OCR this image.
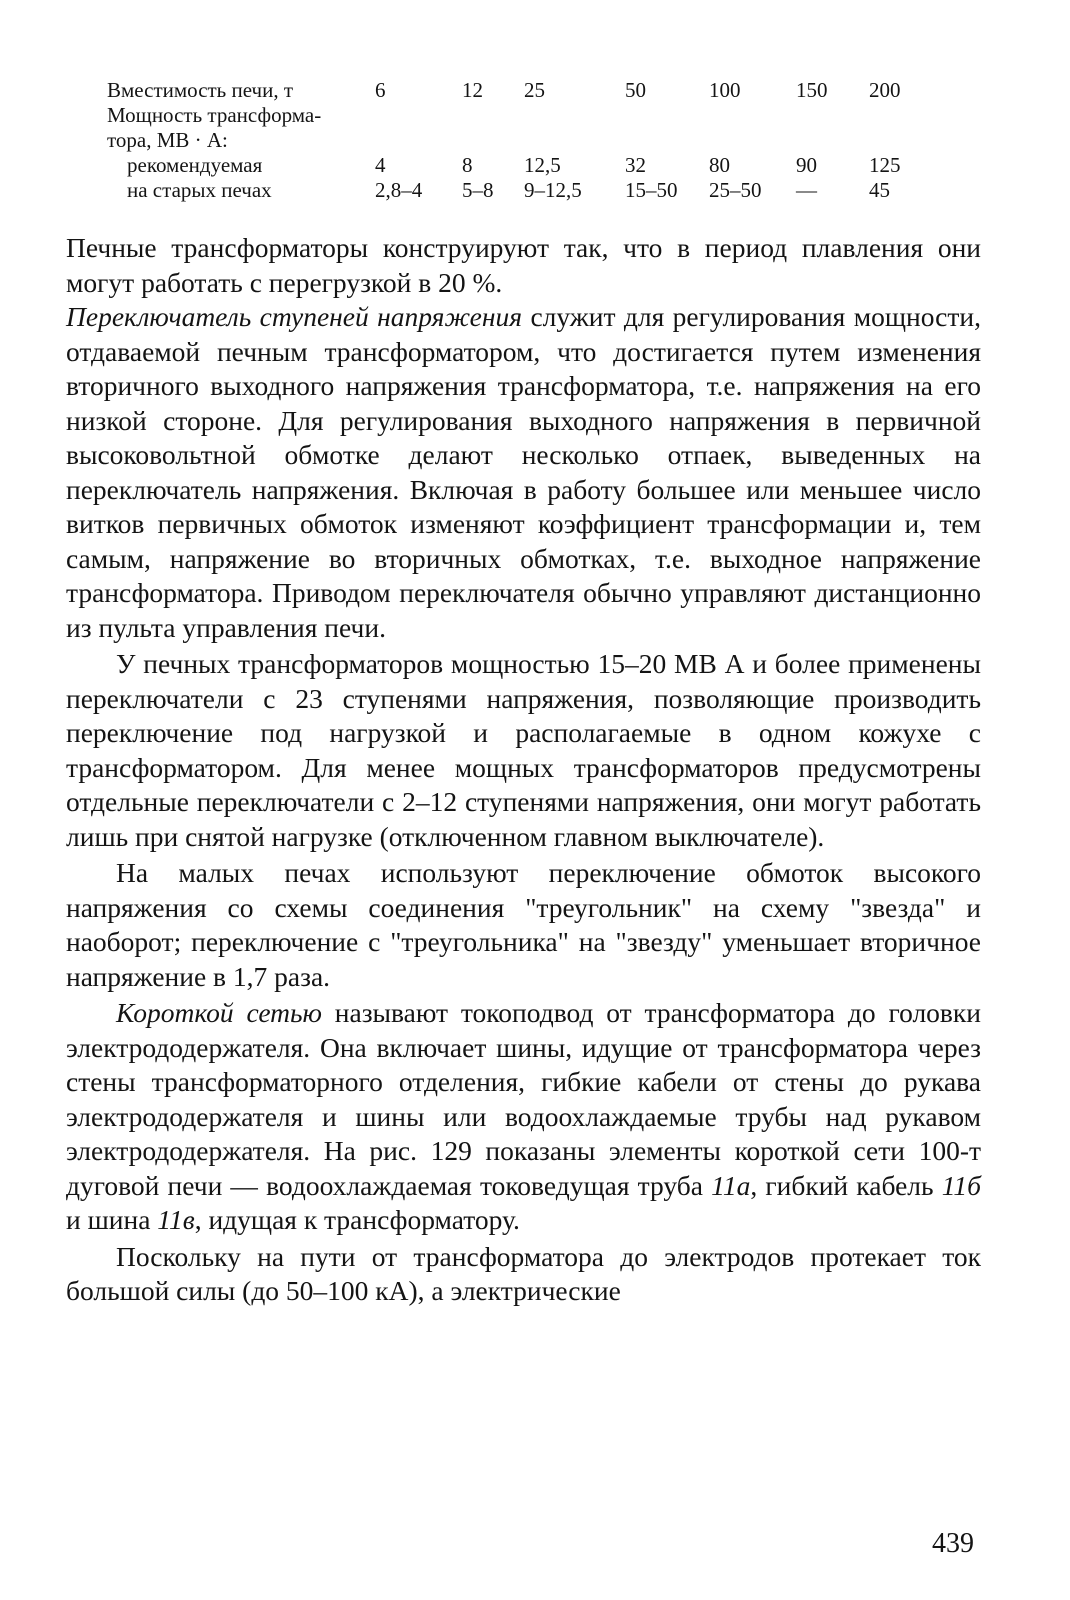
Вместимость печи, т	6	12 25	50	100	150 200
Мощность трансформа-
тора, МВ · А:
рекомендуемая	4	8 12,5	32	80	90 125
на старых печах	2,8–4 5–8 9–12,5 15–50 25–50 — 45

Печные трансформаторы конструируют так, что в период плавления они могут работать с перегрузкой в 20 %.

Переключатель ступеней напряжения служит для регулирования мощности, отдаваемой печным трансформатором, что достигается путем изменения вторичного выходного напряжения трансформатора, т.е. напряжения на его низкой стороне. Для регулирования выходного напряжения в первичной высоковольтной обмотке делают несколько отпаек, выведенных на переключатель напряжения. Включая в работу большее или меньшее число витков первичных обмоток изменяют коэффициент трансформации и, тем самым, напряжение во вторичных обмотках, т.е. выходное напряжение трансформатора. Приводом переключателя обычно управляют дистанционно из пульта управления печи.

У печных трансформаторов мощностью 15–20 МВ А и более применены переключатели с 23 ступенями напряжения, позволяющие производить переключение под нагрузкой и располагаемые в одном кожухе с трансформатором. Для менее мощных трансформаторов предусмотрены отдельные переключатели с 2–12 ступенями напряжения, они могут работать лишь при снятой нагрузке (отключенном главном выключателе).

На малых печах используют переключение обмоток высокого напряжения со схемы соединения "треугольник" на схему "звезда" и наоборот; переключение с "треугольника" на "звезду" уменьшает вторичное напряжение в 1,7 раза.

Короткой сетью называют токоподвод от трансформатора до головки электрододержателя. Она включает шины, идущие от трансформатора через стены трансформаторного отделения, гибкие кабели от стены до рукава электрододержателя и шины или водоохлаждаемые трубы над рукавом электрододержателя. На рис. 129 показаны элементы короткой сети 100-т дуговой печи — водоохлаждаемая токоведущая труба 11а, гибкий кабель 11б и шина 11в, идущая к трансформатору.

Поскольку на пути от трансформатора до электродов протекает ток большой силы (до 50–100 кА), а электрические

439
